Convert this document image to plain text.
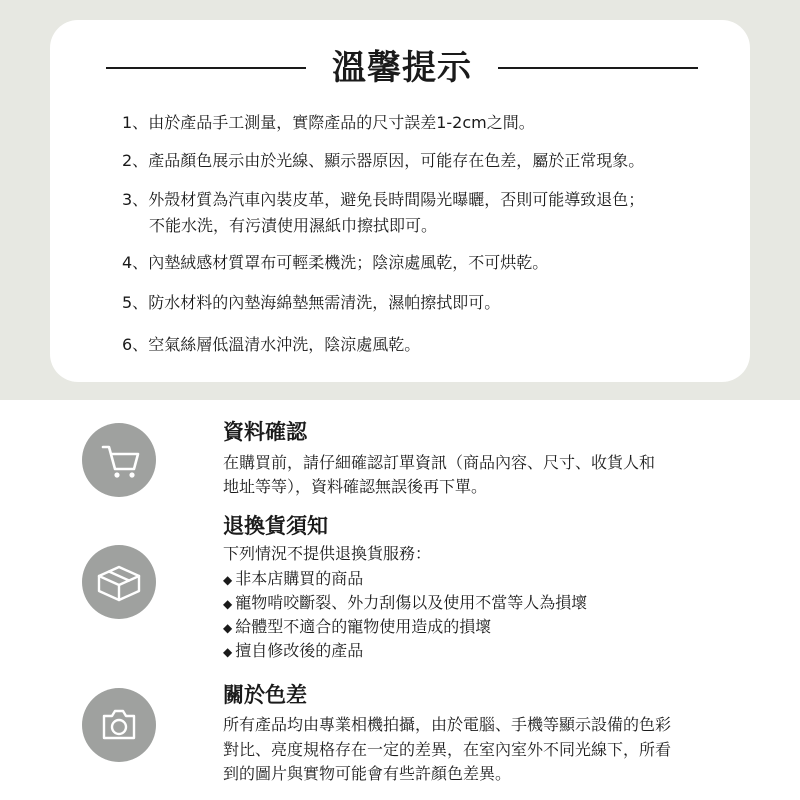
溫馨提示
1、由於產品手工測量，實際產品的尺寸誤差1-2cm之間。
2、產品顏色展示由於光線、顯示器原因，可能存在色差，屬於正常現象。
3、外殼材質為汽車內裝皮革，避免長時間陽光曝曬，否則可能導致退色；
不能水洗，有污漬使用濕紙巾擦拭即可。
4、內墊絨感材質罩布可輕柔機洗；陰涼處風乾，不可烘乾。
5、防水材料的內墊海綿墊無需清洗，濕帕擦拭即可。
6、空氣絲層低溫清水沖洗，陰涼處風乾。
資料確認
在購買前，請仔細確認訂單資訊（商品內容、尺寸、收貨人和
地址等等），資料確認無誤後再下單。
退換貨須知
下列情況不提供退換貨服務：
◆ 非本店購買的商品
◆ 寵物啃咬斷裂、外力刮傷以及使用不當等人為損壞
◆ 給體型不適合的寵物使用造成的損壞
◆ 擅自修改後的產品
關於色差
所有產品均由專業相機拍攝，由於電腦、手機等顯示設備的色彩
對比、亮度規格存在一定的差異，在室內室外不同光線下，所看
到的圖片與實物可能會有些許顏色差異。
